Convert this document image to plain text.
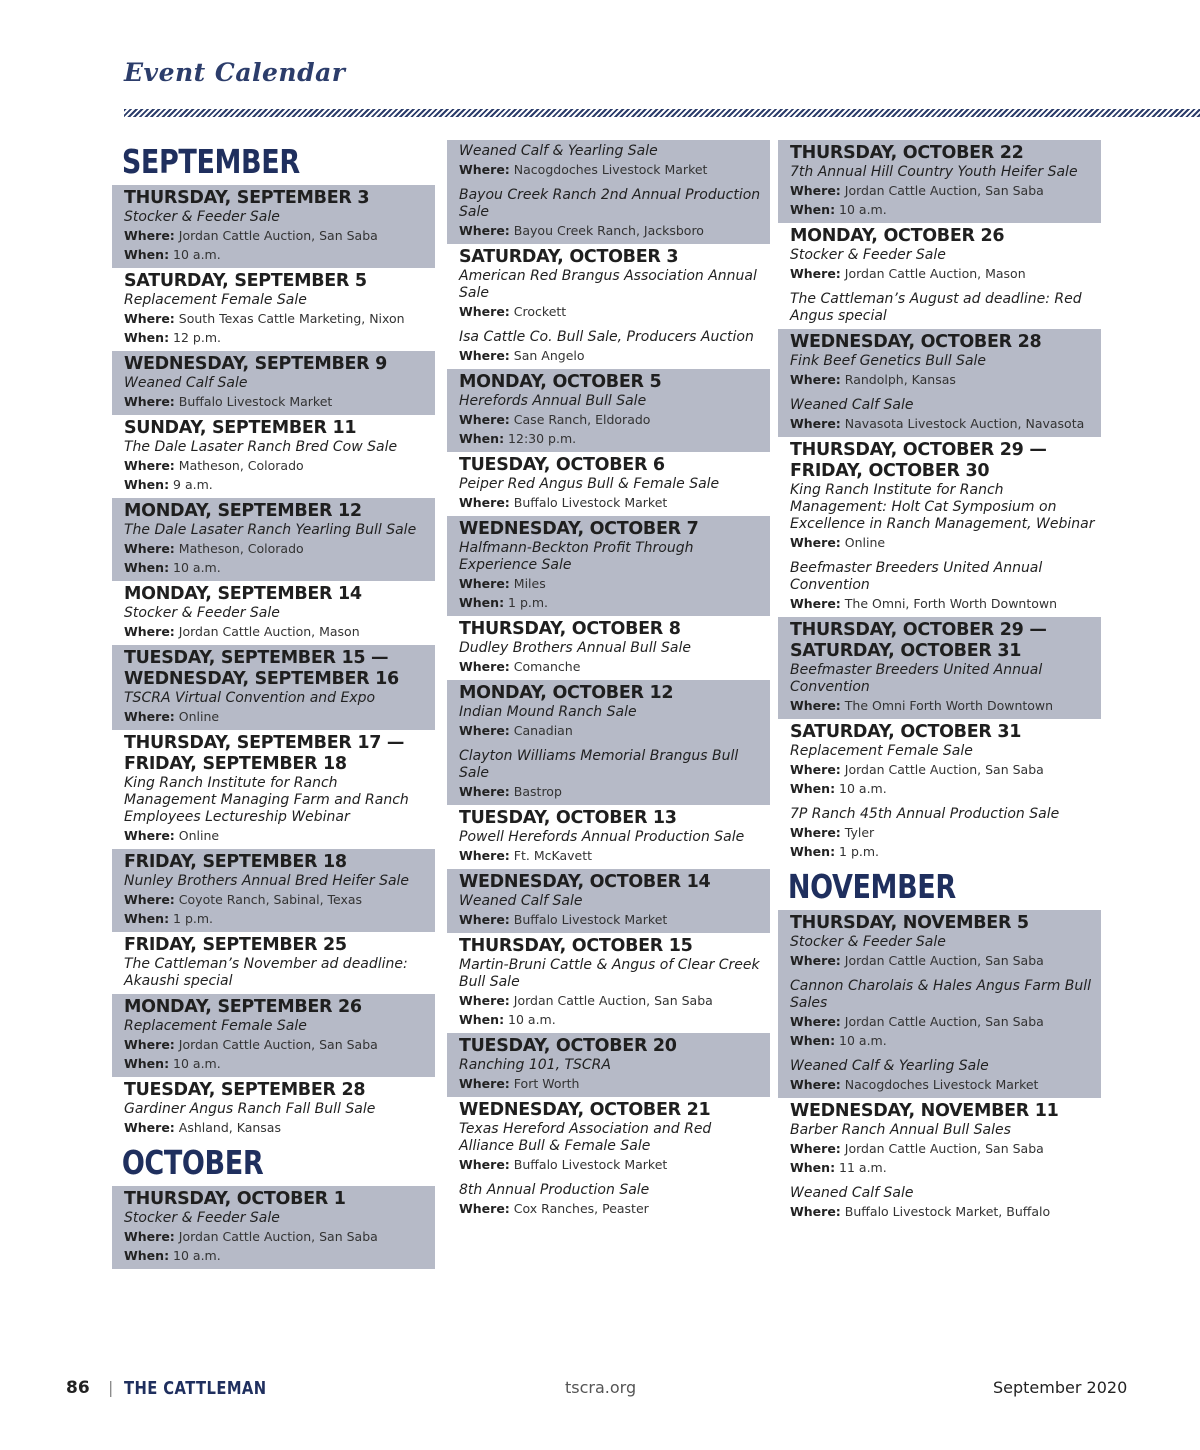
Event Calendar
SEPTEMBER
THURSDAY, SEPTEMBER 3
Stocker & Feeder Sale
Where: Jordan Cattle Auction, San Saba
When: 10 a.m.
SATURDAY, SEPTEMBER 5
Replacement Female Sale
Where: South Texas Cattle Marketing, Nixon
When: 12 p.m.
WEDNESDAY, SEPTEMBER 9
Weaned Calf Sale
Where: Buffalo Livestock Market
SUNDAY, SEPTEMBER 11
The Dale Lasater Ranch Bred Cow Sale
Where: Matheson, Colorado
When: 9 a.m.
MONDAY, SEPTEMBER 12
The Dale Lasater Ranch Yearling Bull Sale
Where: Matheson, Colorado
When: 10 a.m.
MONDAY, SEPTEMBER 14
Stocker & Feeder Sale
Where: Jordan Cattle Auction, Mason
TUESDAY, SEPTEMBER 15 — WEDNESDAY, SEPTEMBER 16
TSCRA Virtual Convention and Expo
Where: Online
THURSDAY, SEPTEMBER 17 — FRIDAY, SEPTEMBER 18
King Ranch Institute for Ranch Management Managing Farm and Ranch Employees Lectureship Webinar
Where: Online
FRIDAY, SEPTEMBER 18
Nunley Brothers Annual Bred Heifer Sale
Where: Coyote Ranch, Sabinal, Texas
When: 1 p.m.
FRIDAY, SEPTEMBER 25
The Cattleman’s November ad deadline: Akaushi special
MONDAY, SEPTEMBER 26
Replacement Female Sale
Where: Jordan Cattle Auction, San Saba
When: 10 a.m.
TUESDAY, SEPTEMBER 28
Gardiner Angus Ranch Fall Bull Sale
Where: Ashland, Kansas
OCTOBER
THURSDAY, OCTOBER 1
Stocker & Feeder Sale
Where: Jordan Cattle Auction, San Saba
When: 10 a.m.
Weaned Calf & Yearling Sale
Where: Nacogdoches Livestock Market
Bayou Creek Ranch 2nd Annual Production Sale
Where: Bayou Creek Ranch, Jacksboro
SATURDAY, OCTOBER 3
American Red Brangus Association Annual Sale
Where: Crockett
Isa Cattle Co. Bull Sale, Producers Auction
Where: San Angelo
MONDAY, OCTOBER 5
Herefords Annual Bull Sale
Where: Case Ranch, Eldorado
When: 12:30 p.m.
TUESDAY, OCTOBER 6
Peiper Red Angus Bull & Female Sale
Where: Buffalo Livestock Market
WEDNESDAY, OCTOBER 7
Halfmann-Beckton Profit Through Experience Sale
Where: Miles
When: 1 p.m.
THURSDAY, OCTOBER 8
Dudley Brothers Annual Bull Sale
Where: Comanche
MONDAY, OCTOBER 12
Indian Mound Ranch Sale
Where: Canadian
Clayton Williams Memorial Brangus Bull Sale
Where: Bastrop
TUESDAY, OCTOBER 13
Powell Herefords Annual Production Sale
Where: Ft. McKavett
WEDNESDAY, OCTOBER 14
Weaned Calf Sale
Where: Buffalo Livestock Market
THURSDAY, OCTOBER 15
Martin-Bruni Cattle & Angus of Clear Creek Bull Sale
Where: Jordan Cattle Auction, San Saba
When: 10 a.m.
TUESDAY, OCTOBER 20
Ranching 101, TSCRA
Where: Fort Worth
WEDNESDAY, OCTOBER 21
Texas Hereford Association and Red Alliance Bull & Female Sale
Where: Buffalo Livestock Market
8th Annual Production Sale
Where: Cox Ranches, Peaster
THURSDAY, OCTOBER 22
7th Annual Hill Country Youth Heifer Sale
Where: Jordan Cattle Auction, San Saba
When: 10 a.m.
MONDAY, OCTOBER 26
Stocker & Feeder Sale
Where: Jordan Cattle Auction, Mason
The Cattleman’s August ad deadline: Red Angus special
WEDNESDAY, OCTOBER 28
Fink Beef Genetics Bull Sale
Where: Randolph, Kansas
Weaned Calf Sale
Where: Navasota Livestock Auction, Navasota
THURSDAY, OCTOBER 29 — FRIDAY, OCTOBER 30
King Ranch Institute for Ranch Management: Holt Cat Symposium on Excellence in Ranch Management, Webinar
Where: Online
Beefmaster Breeders United Annual Convention
Where: The Omni, Forth Worth Downtown
THURSDAY, OCTOBER 29 — SATURDAY, OCTOBER 31
Beefmaster Breeders United Annual Convention
Where: The Omni Forth Worth Downtown
SATURDAY, OCTOBER 31
Replacement Female Sale
Where: Jordan Cattle Auction, San Saba
When: 10 a.m.
7P Ranch 45th Annual Production Sale
Where: Tyler
When: 1 p.m.
NOVEMBER
THURSDAY, NOVEMBER 5
Stocker & Feeder Sale
Where: Jordan Cattle Auction, San Saba
Cannon Charolais & Hales Angus Farm Bull Sales
Where: Jordan Cattle Auction, San Saba
When: 10 a.m.
Weaned Calf & Yearling Sale
Where: Nacogdoches Livestock Market
WEDNESDAY, NOVEMBER 11
Barber Ranch Annual Bull Sales
Where: Jordan Cattle Auction, San Saba
When: 11 a.m.
Weaned Calf Sale
Where: Buffalo Livestock Market, Buffalo
86 | THE CATTLEMAN	tscra.org	September 2020
